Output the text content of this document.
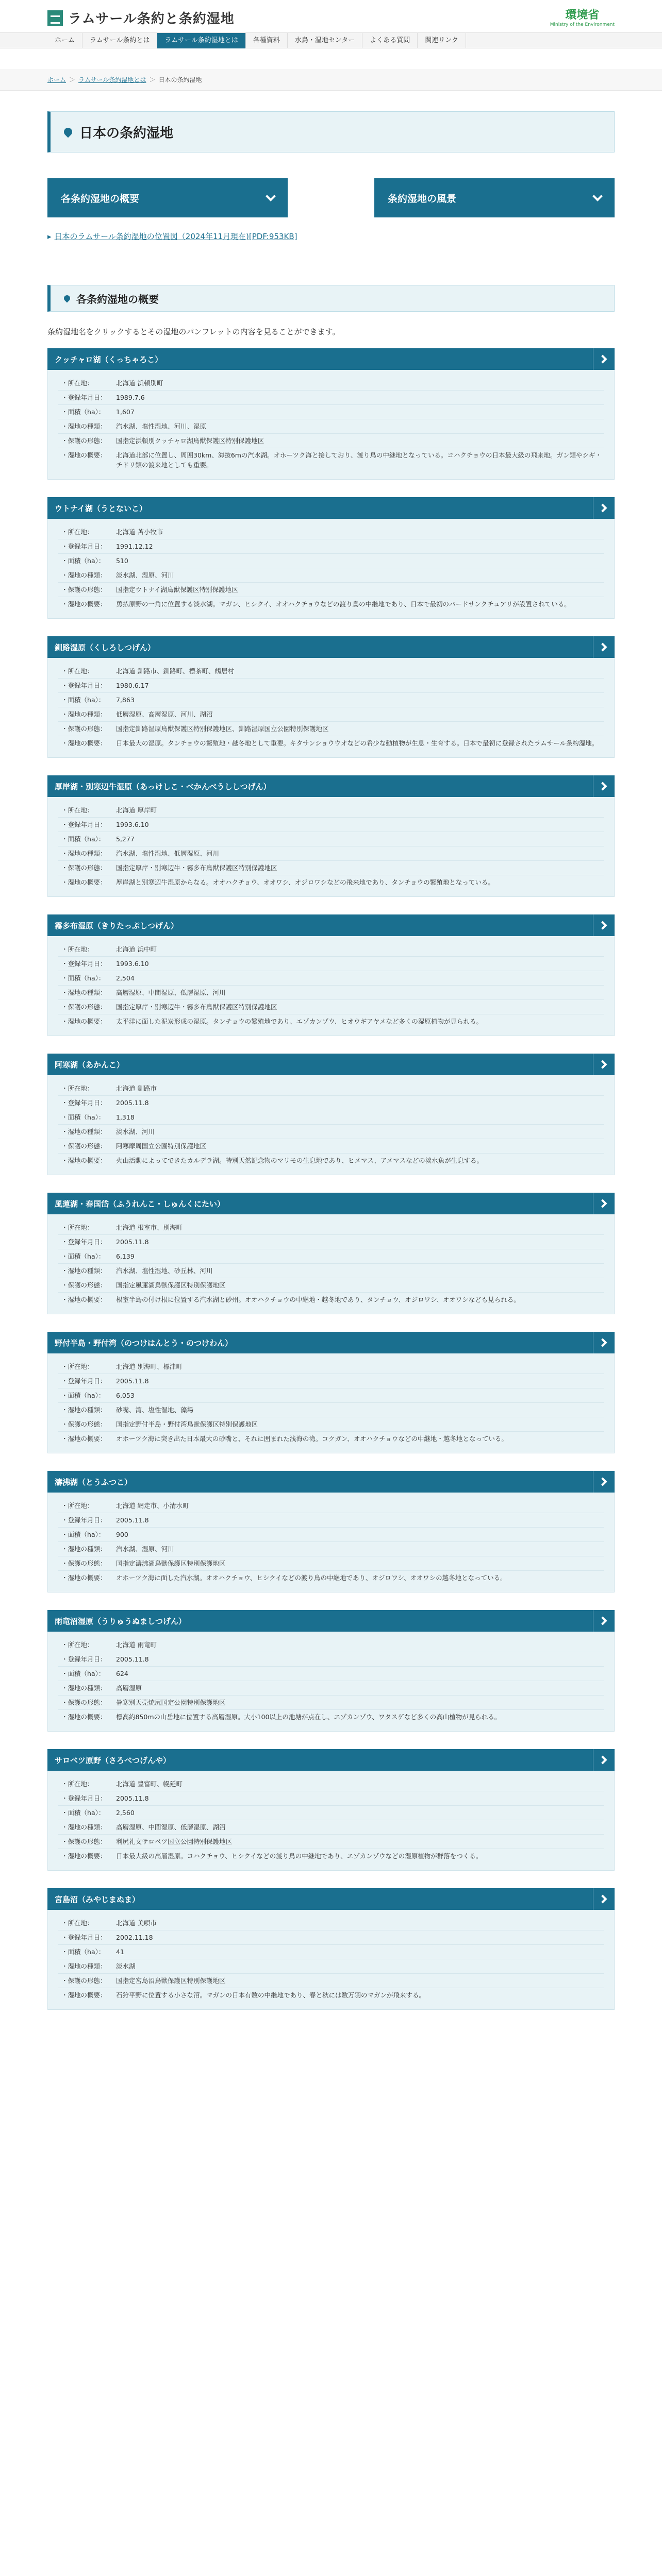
ラムサール条約と条約湿地	環境省
Ministry of the Environment
ホーム	ラムサール条約とは	ラムサール条約湿地とは	各種資料	水鳥・湿地センター	よくある質問	関連リンク
ホーム ＞ ラムサール条約湿地とは ＞ 日本の条約湿地
日本の条約湿地
各条約湿地の概要	条約湿地の風景
▸ 日本のラムサール条約湿地の位置図（2024年11月現在)[PDF:953KB]
各条約湿地の概要

条約湿地名をクリックするとその湿地のパンフレットの内容を見ることができます。

クッチャロ湖（くっちゃろこ）
・ 所在地：	北海道 浜頓別町
・ 登録年月日：	1989.7.6
・ 面積（ha）：	1,607
・ 湿地の種類：	汽水湖、塩性湿地、河川、湿原
・ 保護の形態：	国指定浜頓別クッチャロ湖鳥獣保護区特別保護地区
・ 湿地の概要：	北海道北部に位置し、周囲30km、海抜6mの汽水湖。オホーツク海と接しており、渡り鳥の中継地となっている。コハクチョウの日本最大級の飛来地。ガン類やシギ・チドリ類の渡来地としても重要。
ウトナイ湖（うとないこ）
・ 所在地：	北海道 苫小牧市
・ 登録年月日：	1991.12.12
・ 面積（ha）：	510
・ 湿地の種類：	淡水湖、湿原、河川
・ 保護の形態：	国指定ウトナイ湖鳥獣保護区特別保護地区
・ 湿地の概要：	勇払原野の一角に位置する淡水湖。マガン、ヒシクイ、オオハクチョウなどの渡り鳥の中継地であり、日本で最初のバードサンクチュアリが設置されている。
釧路湿原（くしろしつげん）
・ 所在地：	北海道 釧路市、釧路町、標茶町、鶴居村
・ 登録年月日：	1980.6.17
・ 面積（ha）：	7,863
・ 湿地の種類：	低層湿原、高層湿原、河川、湖沼
・ 保護の形態：	国指定釧路湿原鳥獣保護区特別保護地区、釧路湿原国立公園特別保護地区
・ 湿地の概要：	日本最大の湿原。タンチョウの繁殖地・越冬地として重要。キタサンショウウオなどの希少な動植物が生息・生育する。日本で最初に登録されたラムサール条約湿地。
厚岸湖・別寒辺牛湿原（あっけしこ・べかんべうししつげん）
・ 所在地：	北海道 厚岸町
・ 登録年月日：	1993.6.10
・ 面積（ha）：	5,277
・ 湿地の種類：	汽水湖、塩性湿地、低層湿原、河川
・ 保護の形態：	国指定厚岸・別寒辺牛・霧多布鳥獣保護区特別保護地区
・ 湿地の概要：	厚岸湖と別寒辺牛湿原からなる。オオハクチョウ、オオワシ、オジロワシなどの飛来地であり、タンチョウの繁殖地となっている。
霧多布湿原（きりたっぷしつげん）
・ 所在地：	北海道 浜中町
・ 登録年月日：	1993.6.10
・ 面積（ha）：	2,504
・ 湿地の種類：	高層湿原、中間湿原、低層湿原、河川
・ 保護の形態：	国指定厚岸・別寒辺牛・霧多布鳥獣保護区特別保護地区
・ 湿地の概要：	太平洋に面した泥炭形成の湿原。タンチョウの繁殖地であり、エゾカンゾウ、ヒオウギアヤメなど多くの湿原植物が見られる。
阿寒湖（あかんこ）
・ 所在地：	北海道 釧路市
・ 登録年月日：	2005.11.8
・ 面積（ha）：	1,318
・ 湿地の種類：	淡水湖、河川
・ 保護の形態：	阿寒摩周国立公園特別保護地区
・ 湿地の概要：	火山活動によってできたカルデラ湖。特別天然記念物のマリモの生息地であり、ヒメマス、アメマスなどの淡水魚が生息する。
風蓮湖・春国岱（ふうれんこ・しゅんくにたい）
・ 所在地：	北海道 根室市、別海町
・ 登録年月日：	2005.11.8
・ 面積（ha）：	6,139
・ 湿地の種類：	汽水湖、塩性湿地、砂丘林、河川
・ 保護の形態：	国指定風蓮湖鳥獣保護区特別保護地区
・ 湿地の概要：	根室半島の付け根に位置する汽水湖と砂州。オオハクチョウの中継地・越冬地であり、タンチョウ、オジロワシ、オオワシなども見られる。
野付半島・野付湾（のつけはんとう・のつけわん）
・ 所在地：	北海道 別海町、標津町
・ 登録年月日：	2005.11.8
・ 面積（ha）：	6,053
・ 湿地の種類：	砂嘴、湾、塩性湿地、藻場
・ 保護の形態：	国指定野付半島・野付湾鳥獣保護区特別保護地区
・ 湿地の概要：	オホーツク海に突き出た日本最大の砂嘴と、それに囲まれた浅海の湾。コクガン、オオハクチョウなどの中継地・越冬地となっている。
濤沸湖（とうふつこ）
・ 所在地：	北海道 網走市、小清水町
・ 登録年月日：	2005.11.8
・ 面積（ha）：	900
・ 湿地の種類：	汽水湖、湿原、河川
・ 保護の形態：	国指定濤沸湖鳥獣保護区特別保護地区
・ 湿地の概要：	オホーツク海に面した汽水湖。オオハクチョウ、ヒシクイなどの渡り鳥の中継地であり、オジロワシ、オオワシの越冬地となっている。
雨竜沼湿原（うりゅうぬましつげん）
・ 所在地：	北海道 雨竜町
・ 登録年月日：	2005.11.8
・ 面積（ha）：	624
・ 湿地の種類：	高層湿原
・ 保護の形態：	暑寒別天売焼尻国定公園特別保護地区
・ 湿地の概要：	標高約850mの山岳地に位置する高層湿原。大小100以上の池塘が点在し、エゾカンゾウ、ワタスゲなど多くの高山植物が見られる。
サロベツ原野（さろべつげんや）
・ 所在地：	北海道 豊富町、幌延町
・ 登録年月日：	2005.11.8
・ 面積（ha）：	2,560
・ 湿地の種類：	高層湿原、中間湿原、低層湿原、湖沼
・ 保護の形態：	利尻礼文サロベツ国立公園特別保護地区
・ 湿地の概要：	日本最大級の高層湿原。コハクチョウ、ヒシクイなどの渡り鳥の中継地であり、エゾカンゾウなどの湿原植物が群落をつくる。
宮島沼（みやじまぬま）
・ 所在地：	北海道 美唄市
・ 登録年月日：	2002.11.18
・ 面積（ha）：	41
・ 湿地の種類：	淡水湖
・ 保護の形態：	国指定宮島沼鳥獣保護区特別保護地区
・ 湿地の概要：	石狩平野に位置する小さな沼。マガンの日本有数の中継地であり、春と秋には数万羽のマガンが飛来する。
